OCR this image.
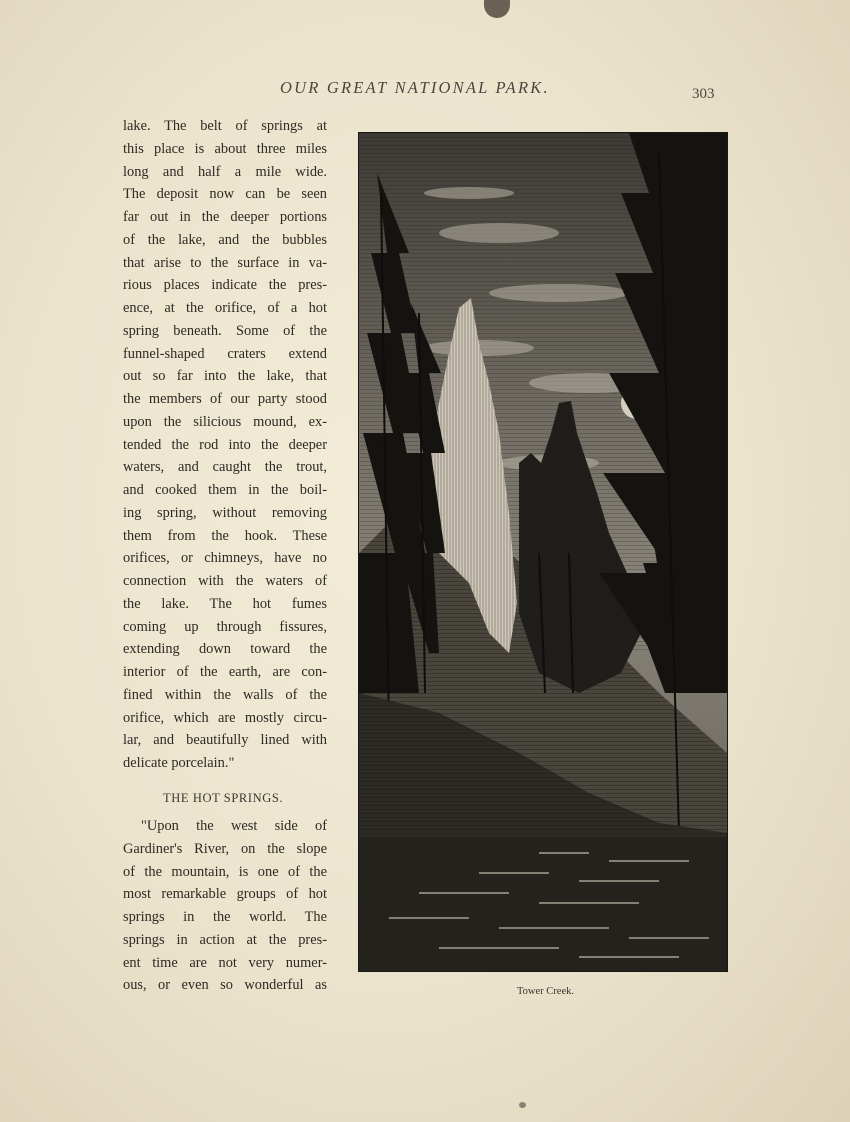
OUR GREAT NATIONAL PARK.	303
lake. The belt of springs at
this place is about three miles
long and half a mile wide.
The deposit now can be seen
far out in the deeper portions
of the lake, and the bubbles
that arise to the surface in va-
rious places indicate the pres-
ence, at the orifice, of a hot
spring beneath. Some of the
funnel-shaped craters extend
out so far into the lake, that
the members of our party stood
upon the silicious mound, ex-
tended the rod into the deeper
waters, and caught the trout,
and cooked them in the boil-
ing spring, without removing
them from the hook. These
orifices, or chimneys, have no
connection with the waters of
the lake. The hot fumes
coming up through fissures,
extending down toward the
interior of the earth, are con-
fined within the walls of the
orifice, which are mostly circu-
lar, and beautifully lined with
delicate porcelain."
THE HOT SPRINGS.
"Upon the west side of
Gardiner's River, on the slope
of the mountain, is one of the
most remarkable groups of hot
springs in the world. The
springs in action at the pres-
ent time are not very numer-
ous, or even so wonderful as	Tower Creek.
